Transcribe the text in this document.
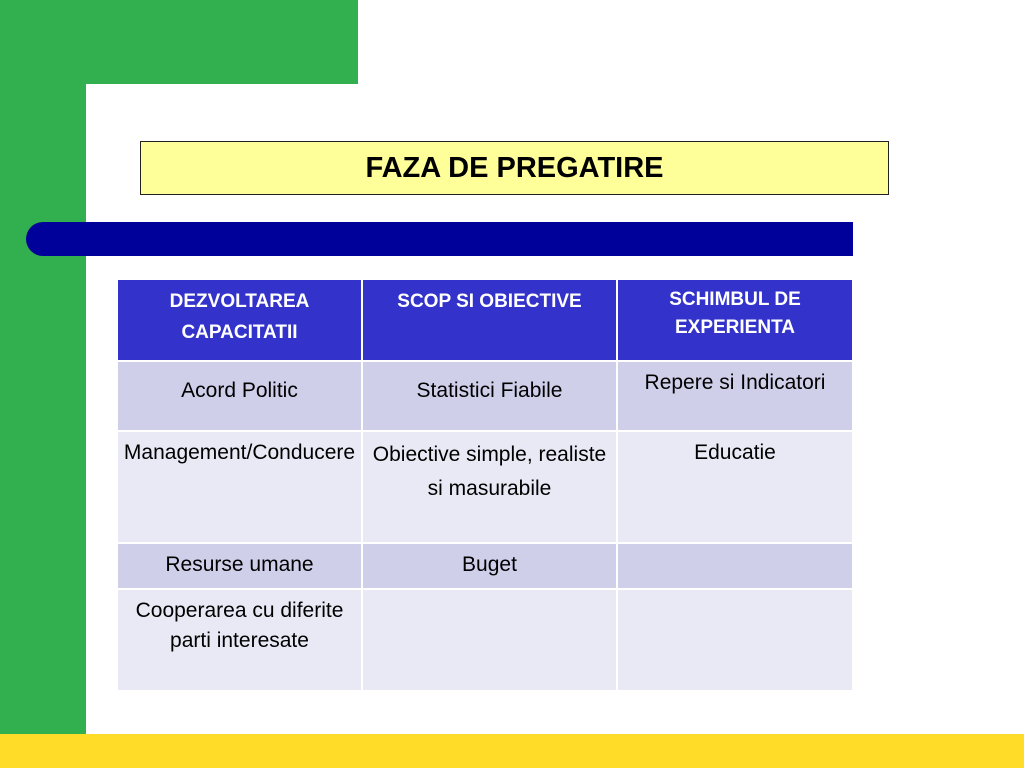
FAZA DE PREGATIRE
DEZVOLTAREA CAPACITATII	SCOP SI OBIECTIVE	SCHIMBUL DE EXPERIENTA
Acord Politic	Statistici Fiabile	Repere si Indicatori
Management/Conducere	Obiective simple, realiste si masurabile	Educatie
Resurse umane	Buget	
Cooperarea cu diferite parti interesate		
